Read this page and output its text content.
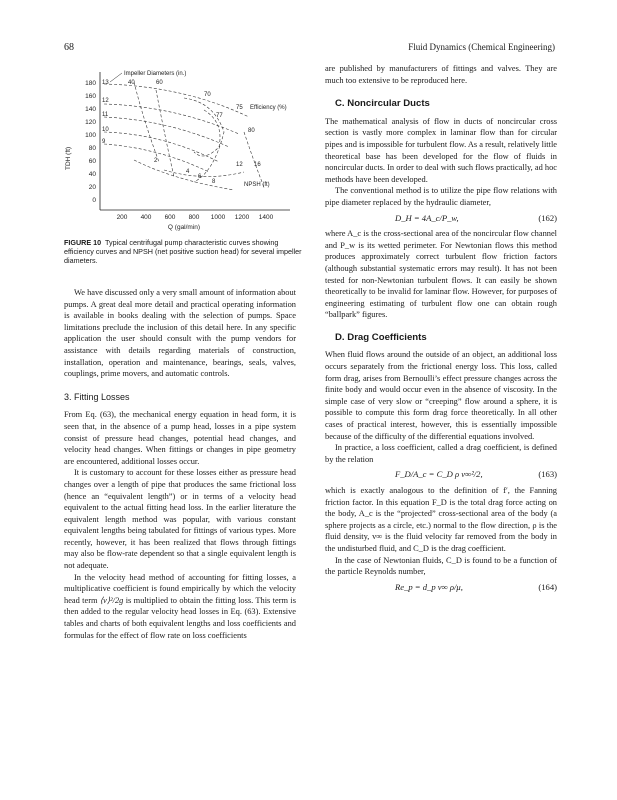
68	Fluid Dynamics (Chemical Engineering)
TDH (ft)
180
160
140
120
100
80
60
40
20
0
200 400 600 800 1000 1200 1400
Q (gal/min)
Impeller Diameters (in.)
13
12
11
10
9
40	60
70
75 Efficiency (%)
77
80
2
4
6
8
12 16
NPSH (ft)
FIGURE 10 Typical centrifugal pump characteristic curves showing efficiency curves and NPSH (net positive suction head) for several impeller diameters.

We have discussed only a very small amount of information about pumps. A great deal more detail and practical operating information is available in books dealing with the selection of pumps. Space limitations preclude the inclusion of this detail here. In any specific application the user should consult with the pump vendors for assistance with details regarding materials of construction, installation, operation and maintenance, bearings, seals, valves, couplings, prime movers, and automatic controls.

3. Fitting Losses

From Eq. (63), the mechanical energy equation in head form, it is seen that, in the absence of a pump head, losses in a pipe system consist of pressure head changes, potential head changes, and velocity head changes. When fittings or changes in pipe geometry are encountered, additional losses occur.

It is customary to account for these losses either as pressure head changes over a length of pipe that produces the same frictional loss (hence an “equivalent length”) or in terms of a velocity head equivalent to the actual fitting head loss. In the earlier literature the equivalent length method was popular, with various constant equivalent lengths being tabulated for fittings of various types. More recently, however, it has been realized that flows through fittings may also be flow-rate dependent so that a single equivalent length is not adequate.

In the velocity head method of accounting for fitting losses, a multiplicative coefficient is found empirically by which the velocity head term ⟨v⟩²/2g is multiplied to obtain the fitting loss. This term is then added to the regular velocity head losses in Eq. (63). Extensive tables and charts of both equivalent lengths and loss coefficients and formulas for the effect of flow rate on loss coefficients

are published by manufacturers of fittings and valves. They are much too extensive to be reproduced here.

C. Noncircular Ducts

The mathematical analysis of flow in ducts of noncircular cross section is vastly more complex in laminar flow than for circular pipes and is impossible for turbulent flow. As a result, relatively little theoretical base has been developed for the flow of fluids in noncircular ducts. In order to deal with such flows practically, ad hoc methods have been developed.

The conventional method is to utilize the pipe flow relations with pipe diameter replaced by the hydraulic diameter,

D_H = 4A_c/P_w,	(162)

where A_c is the cross-sectional area of the noncircular flow channel and P_w is its wetted perimeter. For Newtonian flows this method produces approximately correct turbulent flow friction factors (although substantial systematic errors may result). It has not been tested for non-Newtonian turbulent flows. It can easily be shown theoretically to be invalid for laminar flow. However, for purposes of engineering estimating of turbulent flow one can obtain rough “ballpark” figures.

D. Drag Coefficients

When fluid flows around the outside of an object, an additional loss occurs separately from the frictional energy loss. This loss, called form drag, arises from Bernoulli’s effect pressure changes across the finite body and would occur even in the absence of viscosity. In the simple case of very slow or “creeping” flow around a sphere, it is possible to compute this form drag force theoretically. In all other cases of practical interest, however, this is essentially impossible because of the difficulty of the differential equations involved.

In practice, a loss coefficient, called a drag coefficient, is defined by the relation

F_D/A_c = C_D ρ v∞²/2,	(163)

which is exactly analogous to the definition of f′, the Fanning friction factor. In this equation F_D is the total drag force acting on the body, A_c is the “projected” cross-sectional area of the body (a sphere projects as a circle, etc.) normal to the flow direction, ρ is the fluid density, v∞ is the fluid velocity far removed from the body in the undisturbed fluid, and C_D is the drag coefficient.

In the case of Newtonian fluids, C_D is found to be a function of the particle Reynolds number,

Re_p = d_p v∞ ρ/μ,	(164)
